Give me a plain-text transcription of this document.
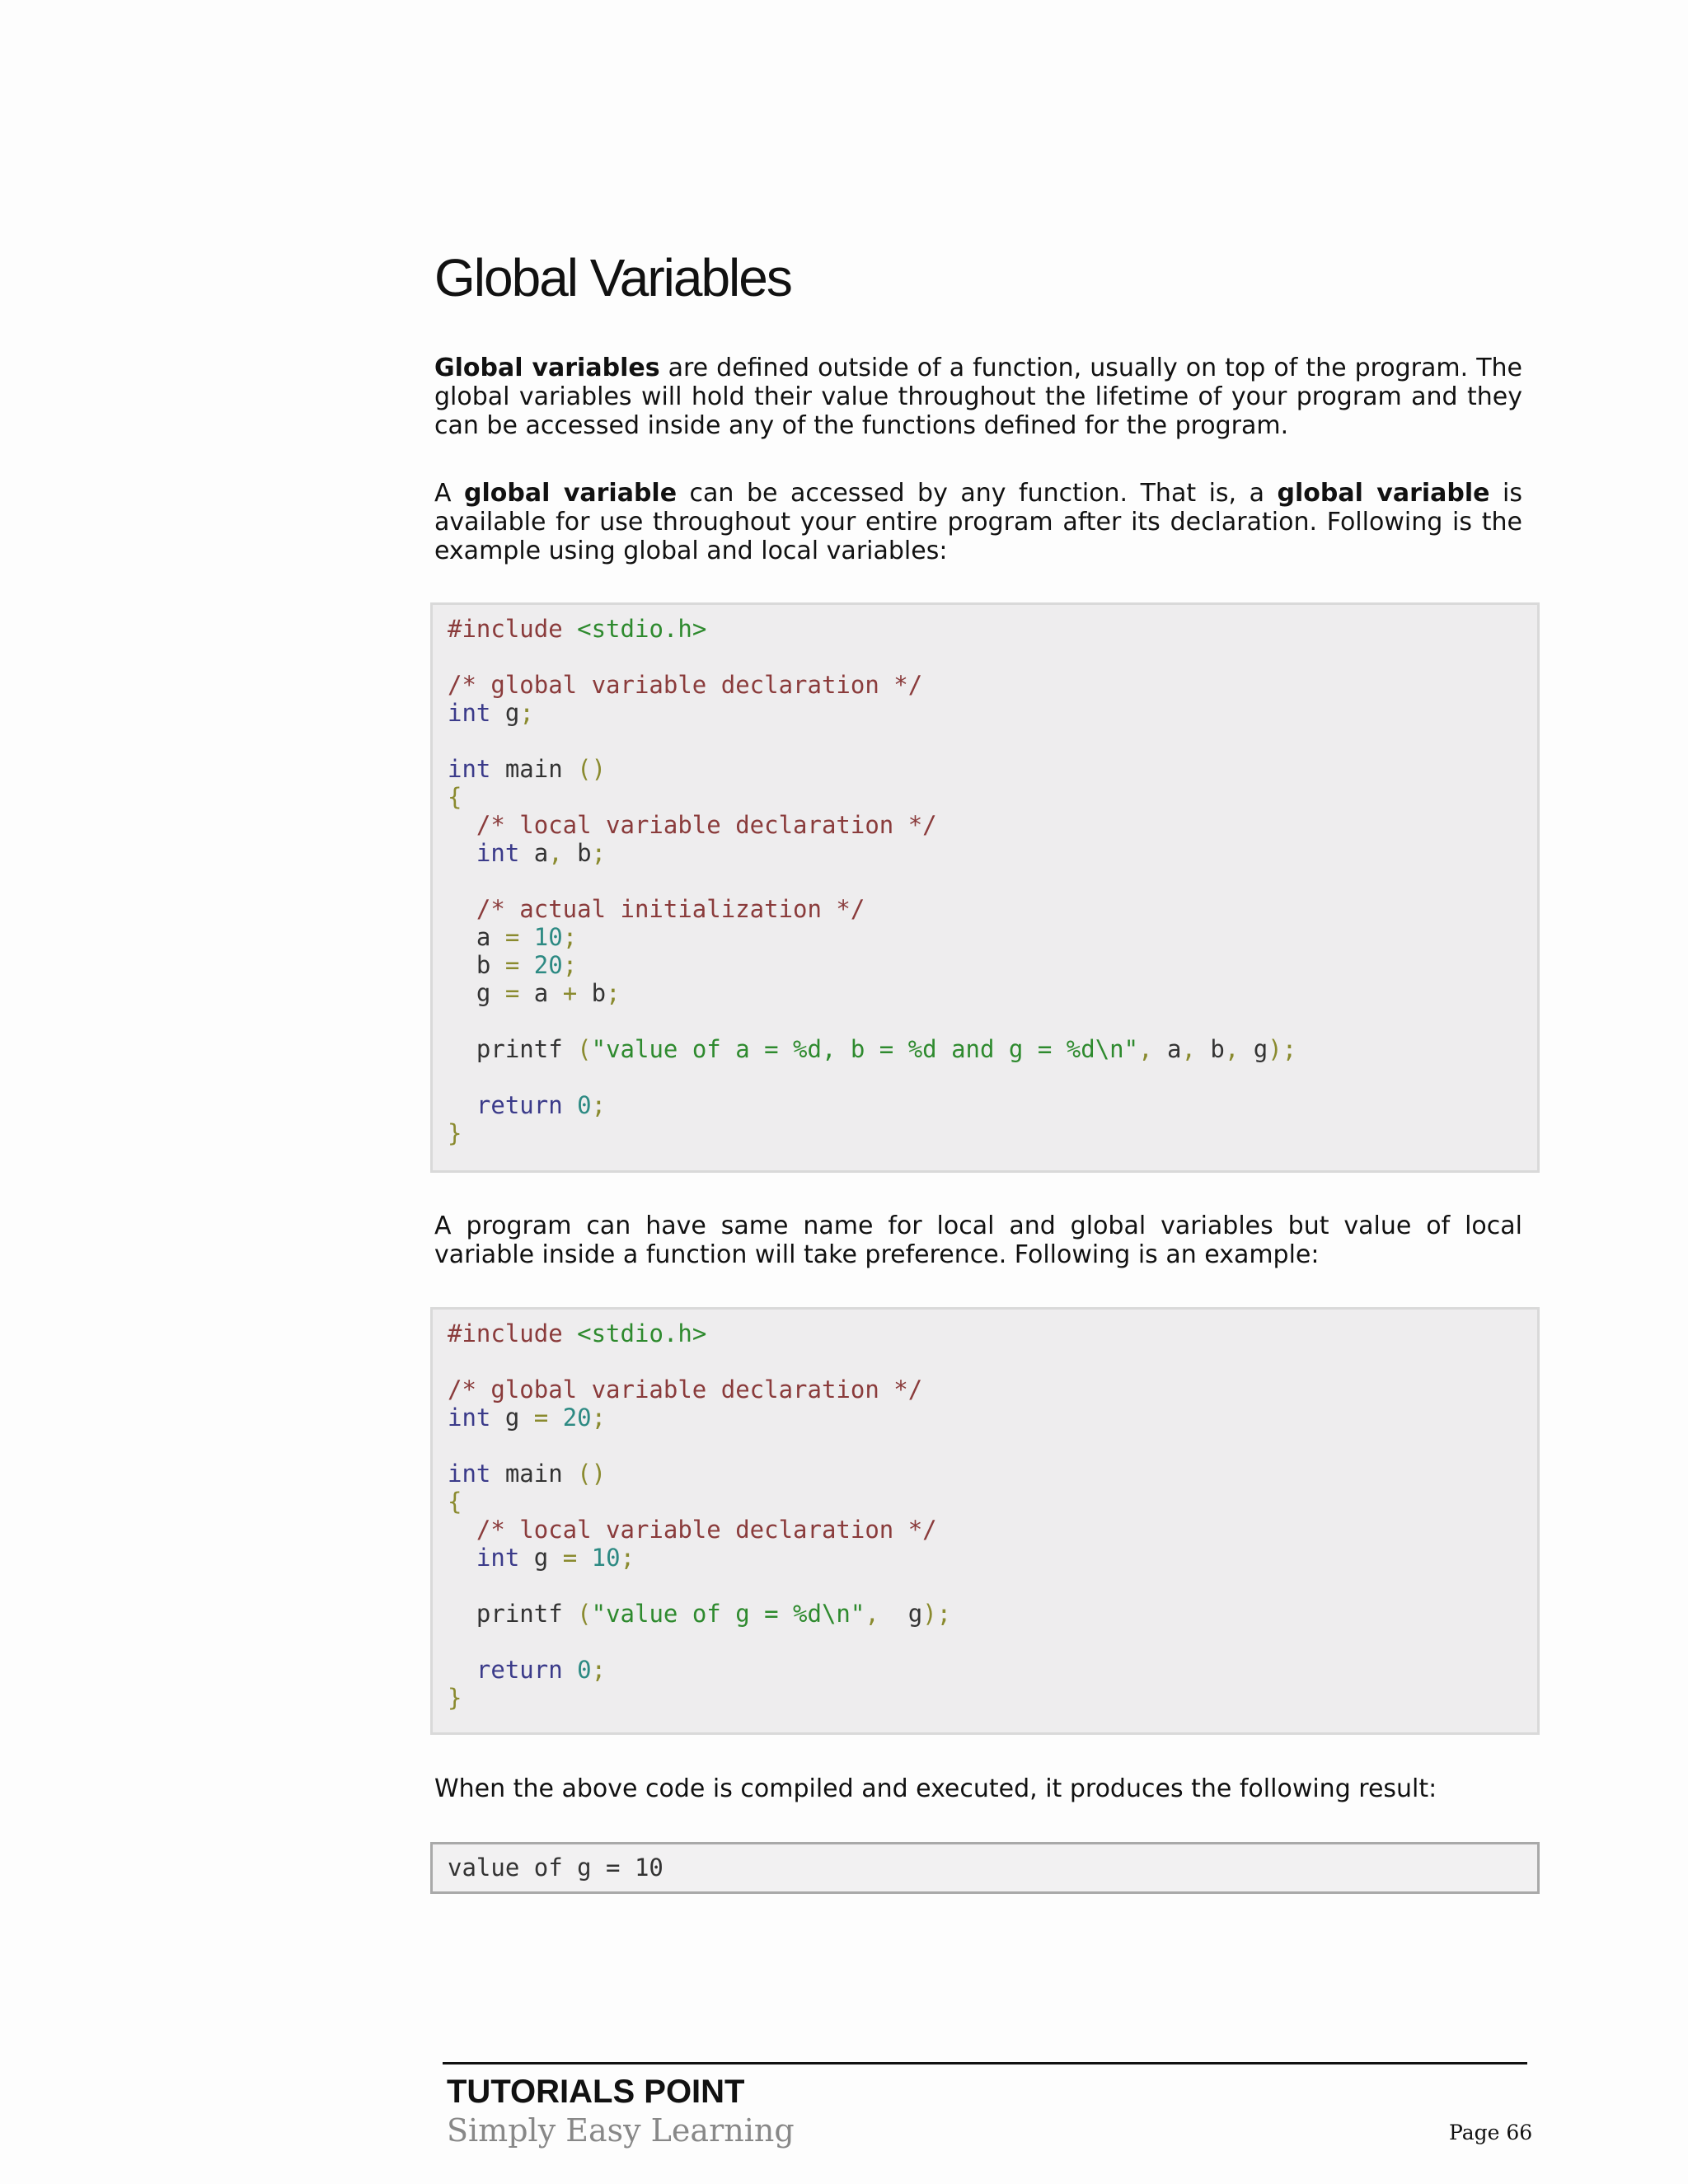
Global Variables

Global variables are defined outside of a function, usually on top of the program. The global variables will hold their value throughout the lifetime of your program and they can be accessed inside any of the functions defined for the program.

A global variable can be accessed by any function. That is, a global variable is available for use throughout your entire program after its declaration. Following is the example using global and local variables:

#include <stdio.h>
/* global variable declaration */
int g;
int main ()
{
/* local variable declaration */
int a, b;
/* actual initialization */
a = 10;
b = 20;
g = a + b;
printf ("value of a = %d, b = %d and g = %d\n", a, b, g);
return 0;
}

A program can have same name for local and global variables but value of local variable inside a function will take preference. Following is an example:

#include <stdio.h>
/* global variable declaration */
int g = 20;
int main ()
{
/* local variable declaration */
int g = 10;
printf ("value of g = %d\n",  g);
return 0;
}

When the above code is compiled and executed, it produces the following result:

value of g = 10
TUTORIALS POINT
Simply Easy Learning	Page 66
